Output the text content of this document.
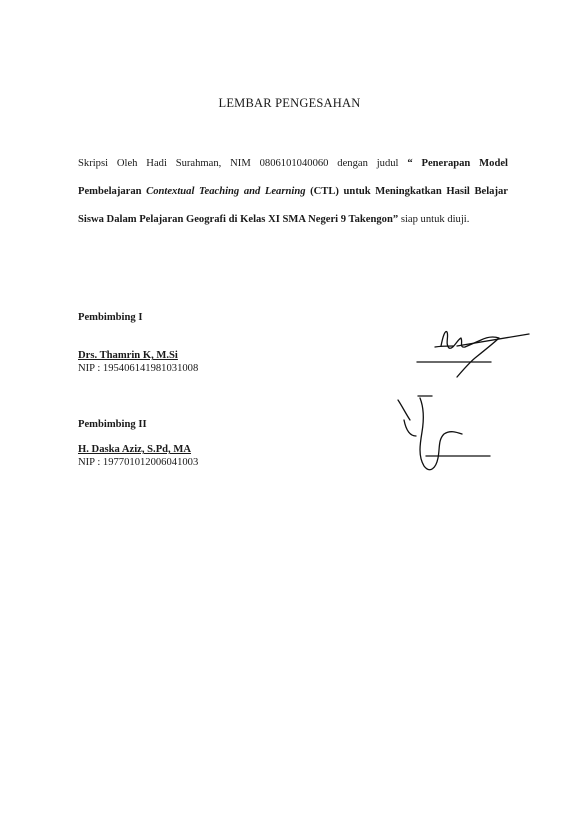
LEMBAR PENGESAHAN
Skripsi Oleh Hadi Surahman, NIM 0806101040060 dengan judul “ Penerapan Model Pembelajaran Contextual Teaching and Learning (CTL) untuk Meningkatkan Hasil Belajar Siswa Dalam Pelajaran Geografi di Kelas XI SMA Negeri 9 Takengon” siap untuk diuji.
Pembimbing I
Drs. Thamrin K, M.Si
NIP : 195406141981031008
Pembimbing II
H. Daska Aziz, S.Pd, MA
NIP : 197701012006041003
